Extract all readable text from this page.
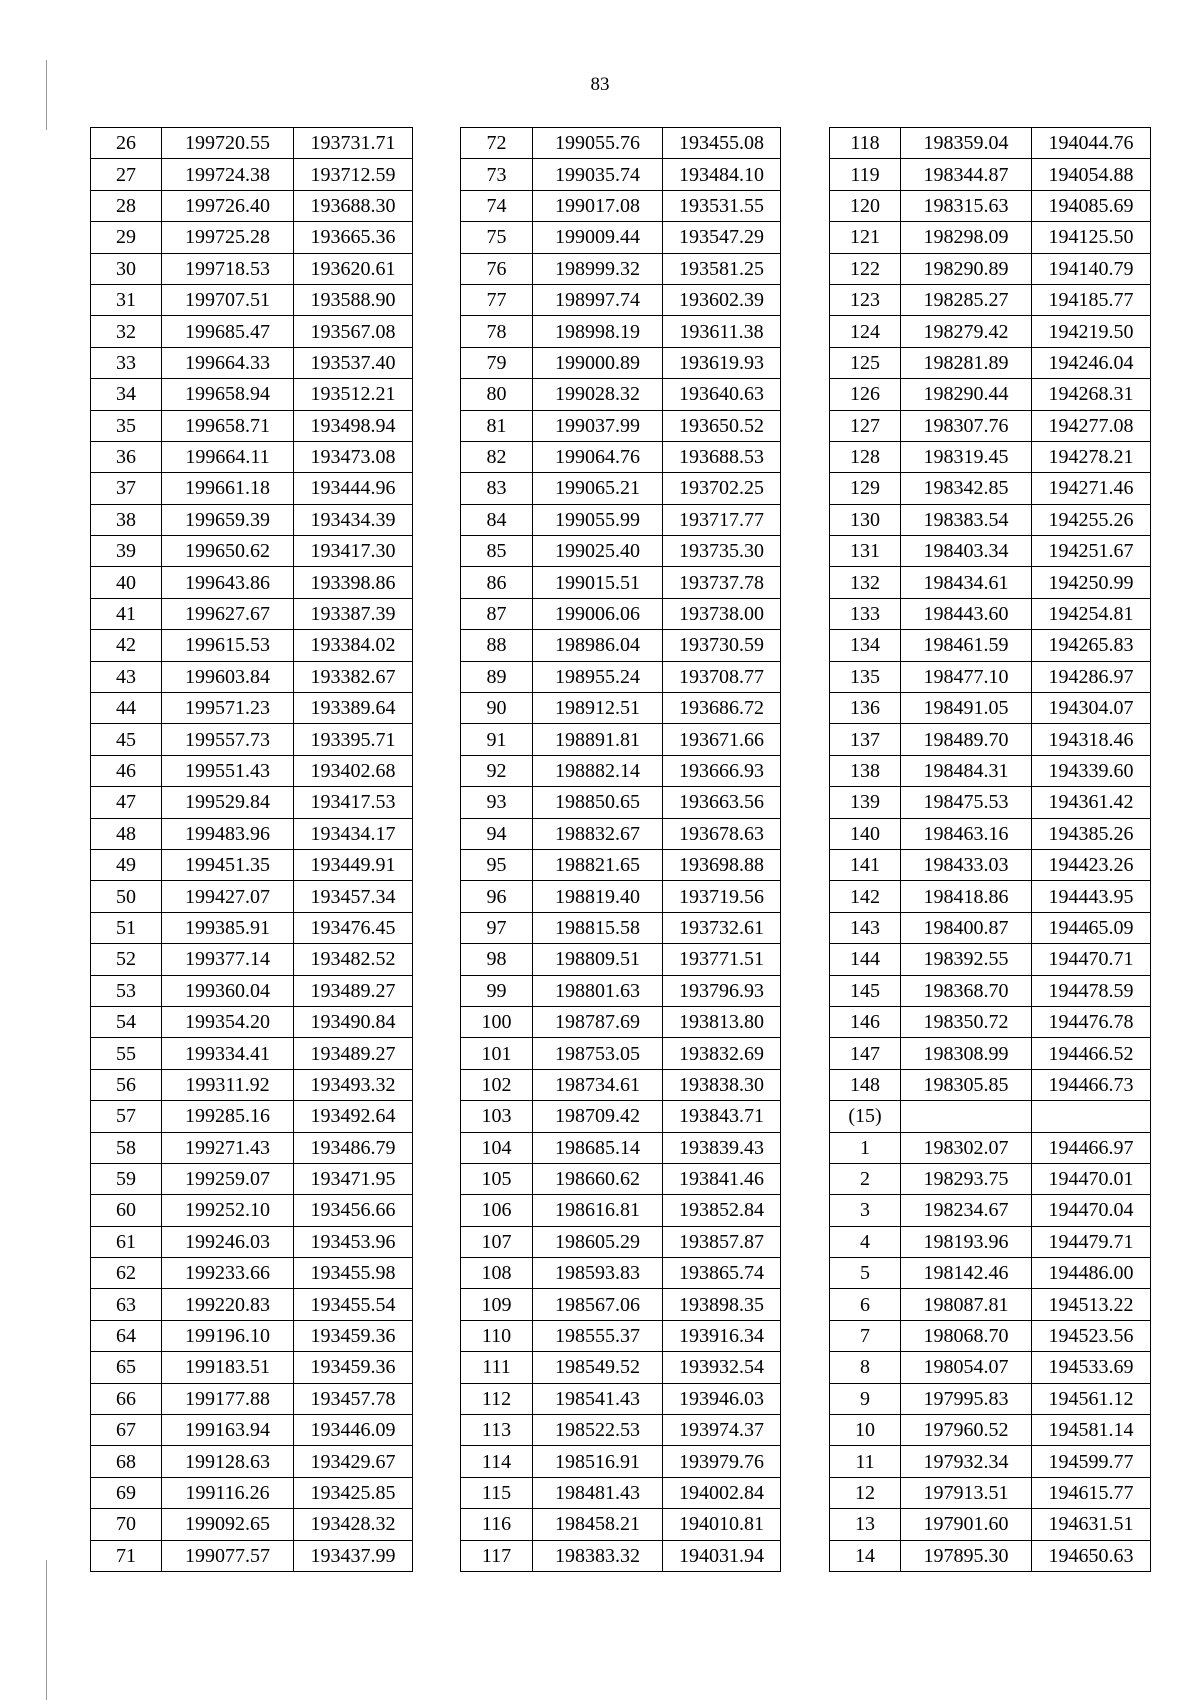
83
26	199720.55	193731.71
27	199724.38	193712.59
28	199726.40	193688.30
29	199725.28	193665.36
30	199718.53	193620.61
31	199707.51	193588.90
32	199685.47	193567.08
33	199664.33	193537.40
34	199658.94	193512.21
35	199658.71	193498.94
36	199664.11	193473.08
37	199661.18	193444.96
38	199659.39	193434.39
39	199650.62	193417.30
40	199643.86	193398.86
41	199627.67	193387.39
42	199615.53	193384.02
43	199603.84	193382.67
44	199571.23	193389.64
45	199557.73	193395.71
46	199551.43	193402.68
47	199529.84	193417.53
48	199483.96	193434.17
49	199451.35	193449.91
50	199427.07	193457.34
51	199385.91	193476.45
52	199377.14	193482.52
53	199360.04	193489.27
54	199354.20	193490.84
55	199334.41	193489.27
56	199311.92	193493.32
57	199285.16	193492.64
58	199271.43	193486.79
59	199259.07	193471.95
60	199252.10	193456.66
61	199246.03	193453.96
62	199233.66	193455.98
63	199220.83	193455.54
64	199196.10	193459.36
65	199183.51	193459.36
66	199177.88	193457.78
67	199163.94	193446.09
68	199128.63	193429.67
69	199116.26	193425.85
70	199092.65	193428.32
71	199077.57	193437.99
72	199055.76	193455.08
73	199035.74	193484.10
74	199017.08	193531.55
75	199009.44	193547.29
76	198999.32	193581.25
77	198997.74	193602.39
78	198998.19	193611.38
79	199000.89	193619.93
80	199028.32	193640.63
81	199037.99	193650.52
82	199064.76	193688.53
83	199065.21	193702.25
84	199055.99	193717.77
85	199025.40	193735.30
86	199015.51	193737.78
87	199006.06	193738.00
88	198986.04	193730.59
89	198955.24	193708.77
90	198912.51	193686.72
91	198891.81	193671.66
92	198882.14	193666.93
93	198850.65	193663.56
94	198832.67	193678.63
95	198821.65	193698.88
96	198819.40	193719.56
97	198815.58	193732.61
98	198809.51	193771.51
99	198801.63	193796.93
100	198787.69	193813.80
101	198753.05	193832.69
102	198734.61	193838.30
103	198709.42	193843.71
104	198685.14	193839.43
105	198660.62	193841.46
106	198616.81	193852.84
107	198605.29	193857.87
108	198593.83	193865.74
109	198567.06	193898.35
110	198555.37	193916.34
111	198549.52	193932.54
112	198541.43	193946.03
113	198522.53	193974.37
114	198516.91	193979.76
115	198481.43	194002.84
116	198458.21	194010.81
117	198383.32	194031.94
118	198359.04	194044.76
119	198344.87	194054.88
120	198315.63	194085.69
121	198298.09	194125.50
122	198290.89	194140.79
123	198285.27	194185.77
124	198279.42	194219.50
125	198281.89	194246.04
126	198290.44	194268.31
127	198307.76	194277.08
128	198319.45	194278.21
129	198342.85	194271.46
130	198383.54	194255.26
131	198403.34	194251.67
132	198434.61	194250.99
133	198443.60	194254.81
134	198461.59	194265.83
135	198477.10	194286.97
136	198491.05	194304.07
137	198489.70	194318.46
138	198484.31	194339.60
139	198475.53	194361.42
140	198463.16	194385.26
141	198433.03	194423.26
142	198418.86	194443.95
143	198400.87	194465.09
144	198392.55	194470.71
145	198368.70	194478.59
146	198350.72	194476.78
147	198308.99	194466.52
148	198305.85	194466.73
(15)		
1	198302.07	194466.97
2	198293.75	194470.01
3	198234.67	194470.04
4	198193.96	194479.71
5	198142.46	194486.00
6	198087.81	194513.22
7	198068.70	194523.56
8	198054.07	194533.69
9	197995.83	194561.12
10	197960.52	194581.14
11	197932.34	194599.77
12	197913.51	194615.77
13	197901.60	194631.51
14	197895.30	194650.63
